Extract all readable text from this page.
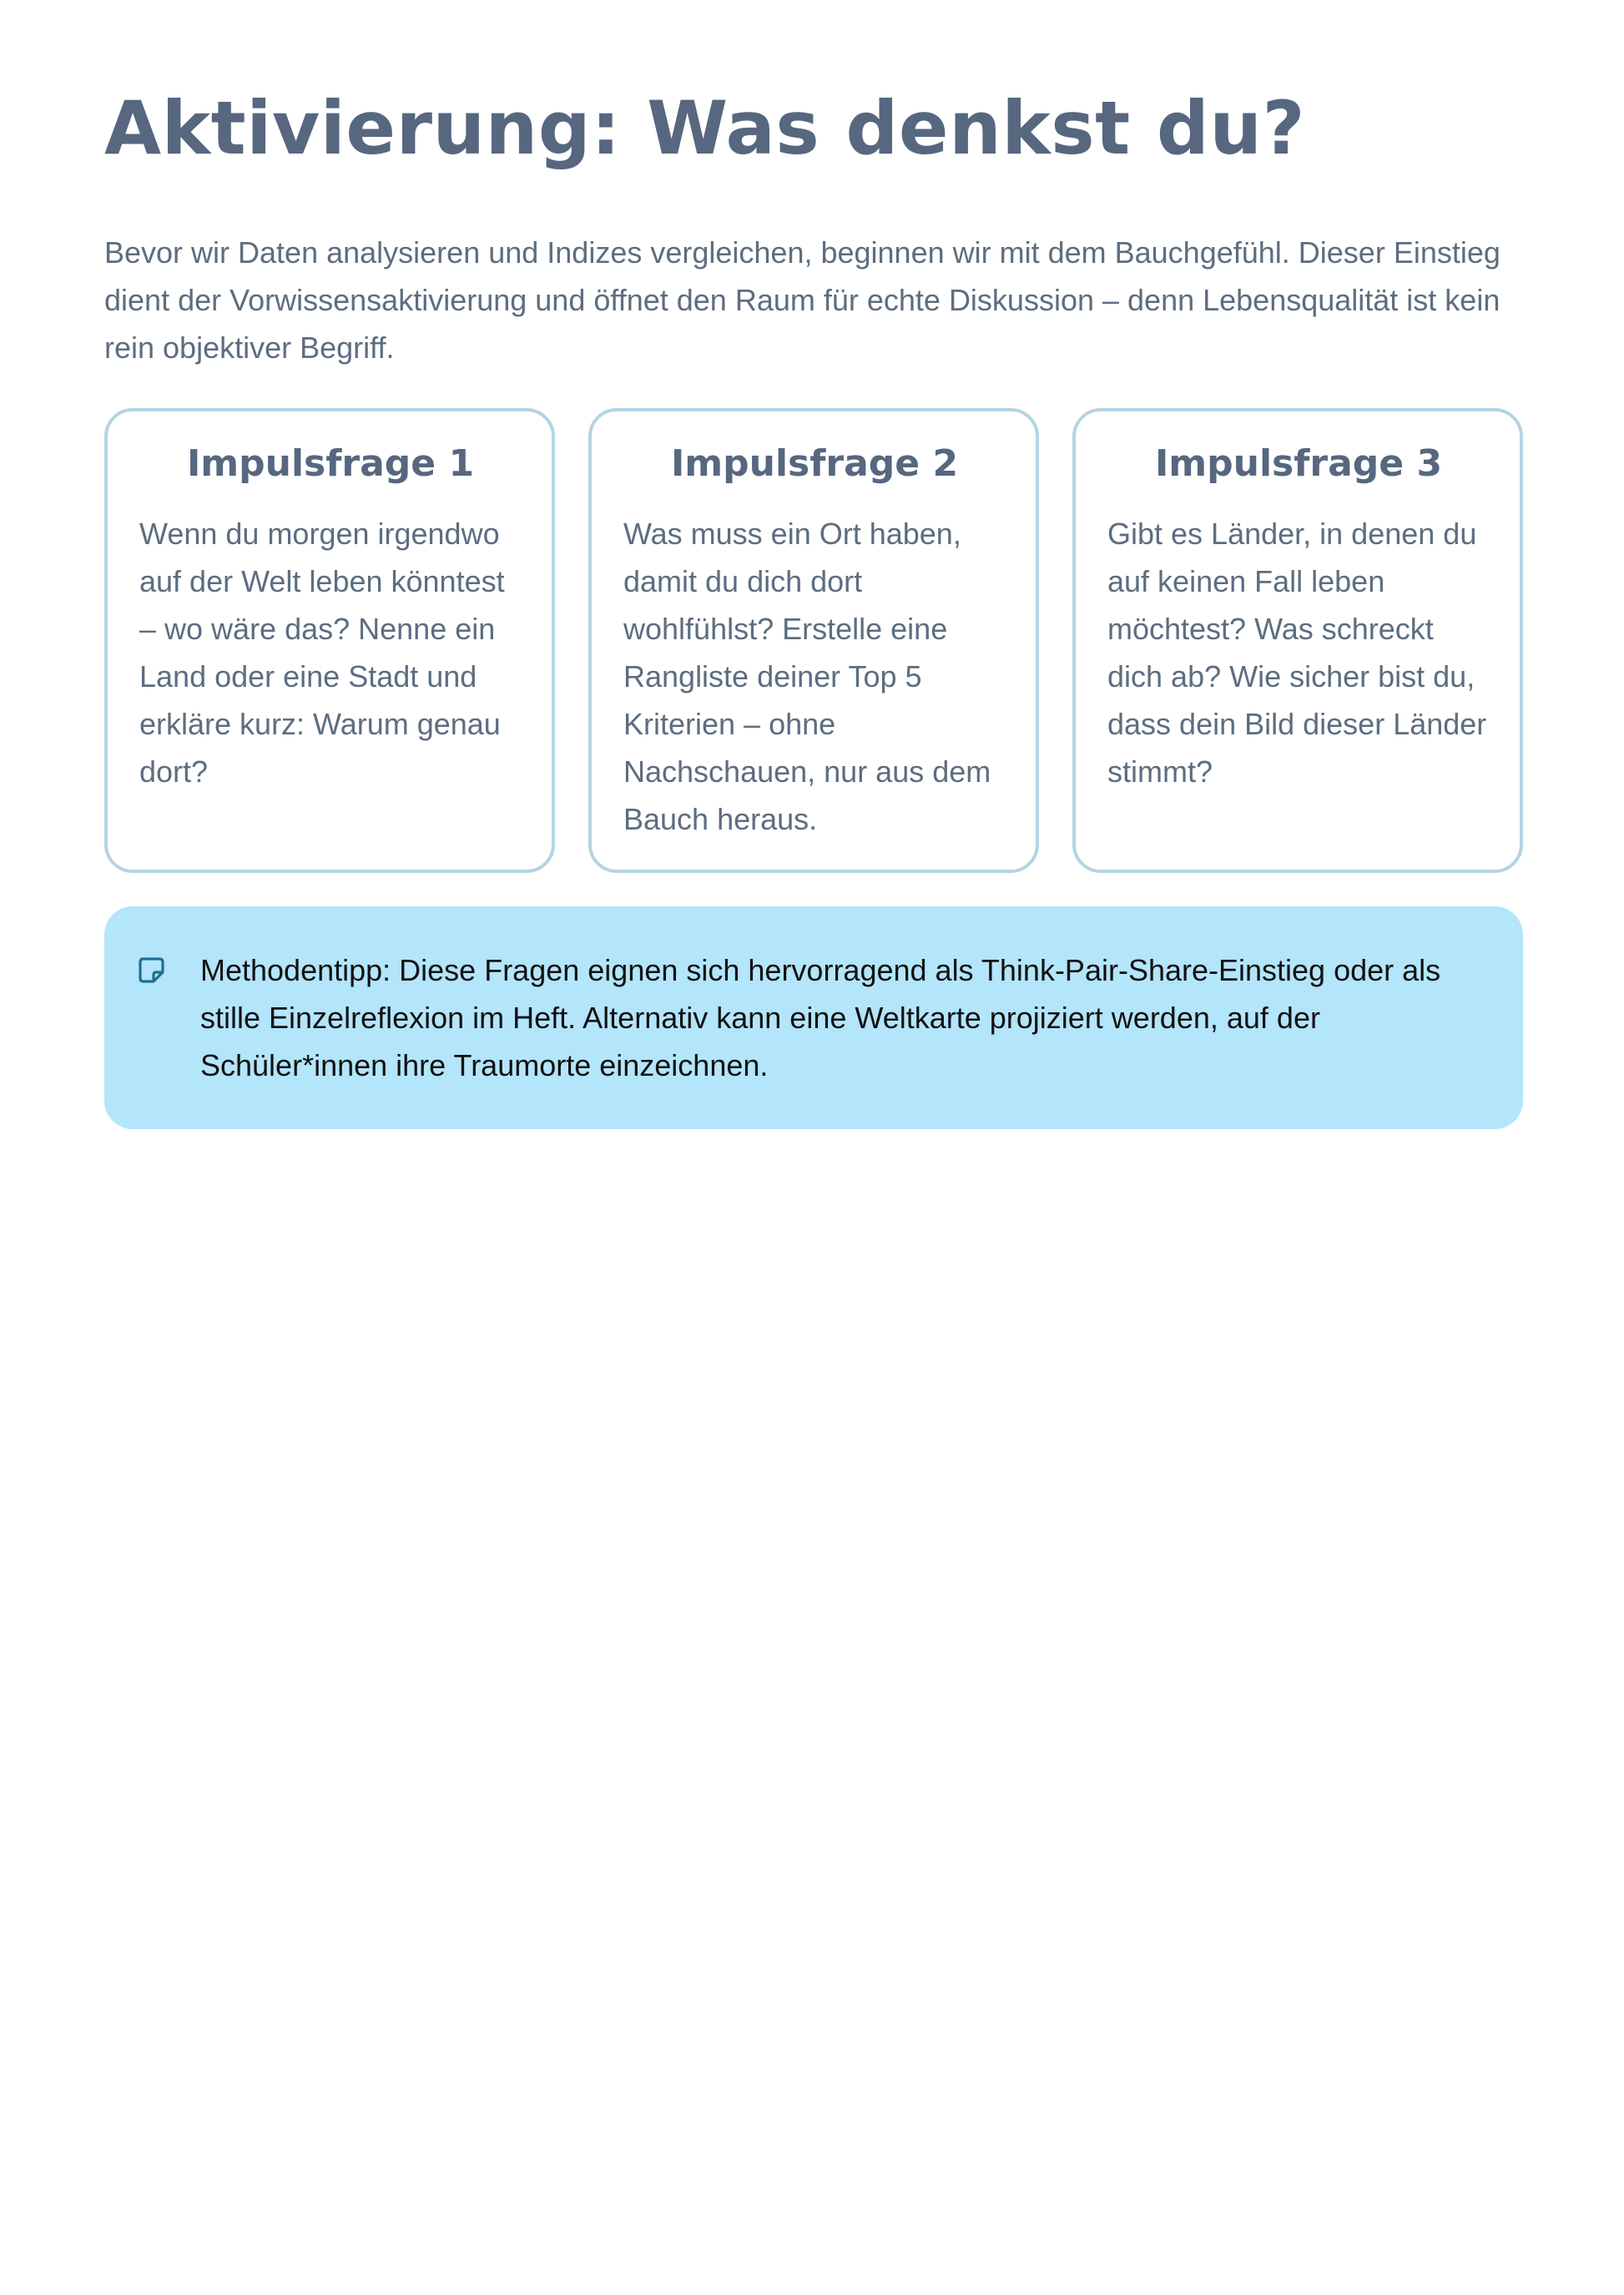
Aktivierung: Was denkst du?

Bevor wir Daten analysieren und Indizes vergleichen, beginnen wir mit dem Bauchgefühl. Dieser Einstieg dient der Vorwissensaktivierung und öffnet den Raum für echte Diskussion – denn Lebensqualität ist kein rein objektiver Begriff.

Impulsfrage 1

Wenn du morgen irgendwo auf der Welt leben könntest – wo wäre das? Nenne ein Land oder eine Stadt und erkläre kurz: Warum genau dort?

Impulsfrage 2

Was muss ein Ort haben, damit du dich dort wohlfühlst? Erstelle eine Rangliste deiner Top 5 Kriterien – ohne Nachschauen, nur aus dem Bauch heraus.

Impulsfrage 3

Gibt es Länder, in denen du auf keinen Fall leben möchtest? Was schreckt dich ab? Wie sicher bist du, dass dein Bild dieser Länder stimmt?

Methodentipp: Diese Fragen eignen sich hervorragend als Think-Pair-Share-Einstieg oder als stille Einzelreflexion im Heft. Alternativ kann eine Weltkarte projiziert werden, auf der Schüler*innen ihre Traumorte einzeichnen.
